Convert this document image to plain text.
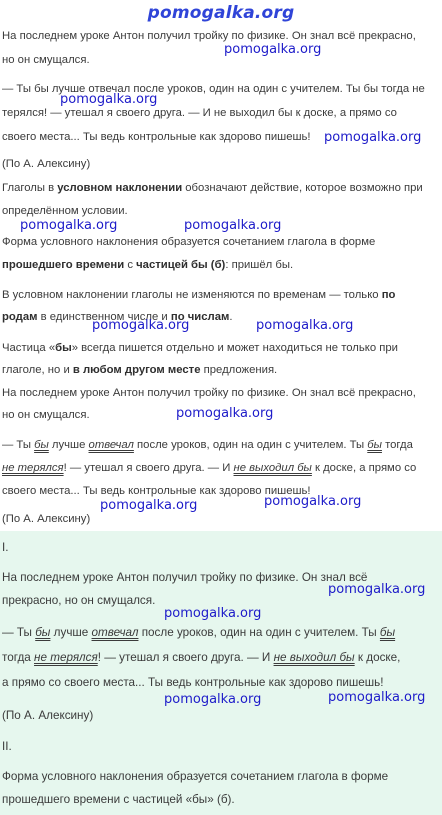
pomogalka.org
На последнем уроке Антон получил тройку по физике. Он знал всё прекрасно,
но он смущался.
— Ты бы лучше отвечал после уроков, один на один с учителем. Ты бы тогда не
терялся! — утешал я своего друга. — И не выходил бы к доске, а прямо со
своего места... Ты ведь контрольные как здорово пишешь!
(По А. Алексину)
Глаголы в условном наклонении обозначают действие, которое возможно при
определённом условии.
Форма условного наклонения образуется сочетанием глагола в форме
прошедшего времени с частицей бы (б): пришёл бы.
В условном наклонении глаголы не изменяются по временам — только по
родам в единственном числе и по числам.
Частица «бы» всегда пишется отдельно и может находиться не только при
глаголе, но и в любом другом месте предложения.
На последнем уроке Антон получил тройку по физике. Он знал всё прекрасно,
но он смущался.
— Ты бы лучше отвечал после уроков, один на один с учителем. Ты бы тогда
не терялся! — утешал я своего друга. — И не выходил бы к доске, а прямо со
своего места... Ты ведь контрольные как здорово пишешь!
(По А. Алексину)
I.
На последнем уроке Антон получил тройку по физике. Он знал всё
прекрасно, но он смущался.
— Ты бы лучше отвечал после уроков, один на один с учителем. Ты бы
тогда не терялся! — утешал я своего друга. — И не выходил бы к доске,
а прямо со своего места... Ты ведь контрольные как здорово пишешь!
(По А. Алексину)
II.
Форма условного наклонения образуется сочетанием глагола в форме
прошедшего времени с частицей «бы» (б).
pomogalka.org
pomogalka.org
pomogalka.org
pomogalka.org	pomogalka.org
pomogalka.org	pomogalka.org
pomogalka.org
pomogalka.org	pomogalka.org
pomogalka.org
pomogalka.org
pomogalka.org	pomogalka.org
